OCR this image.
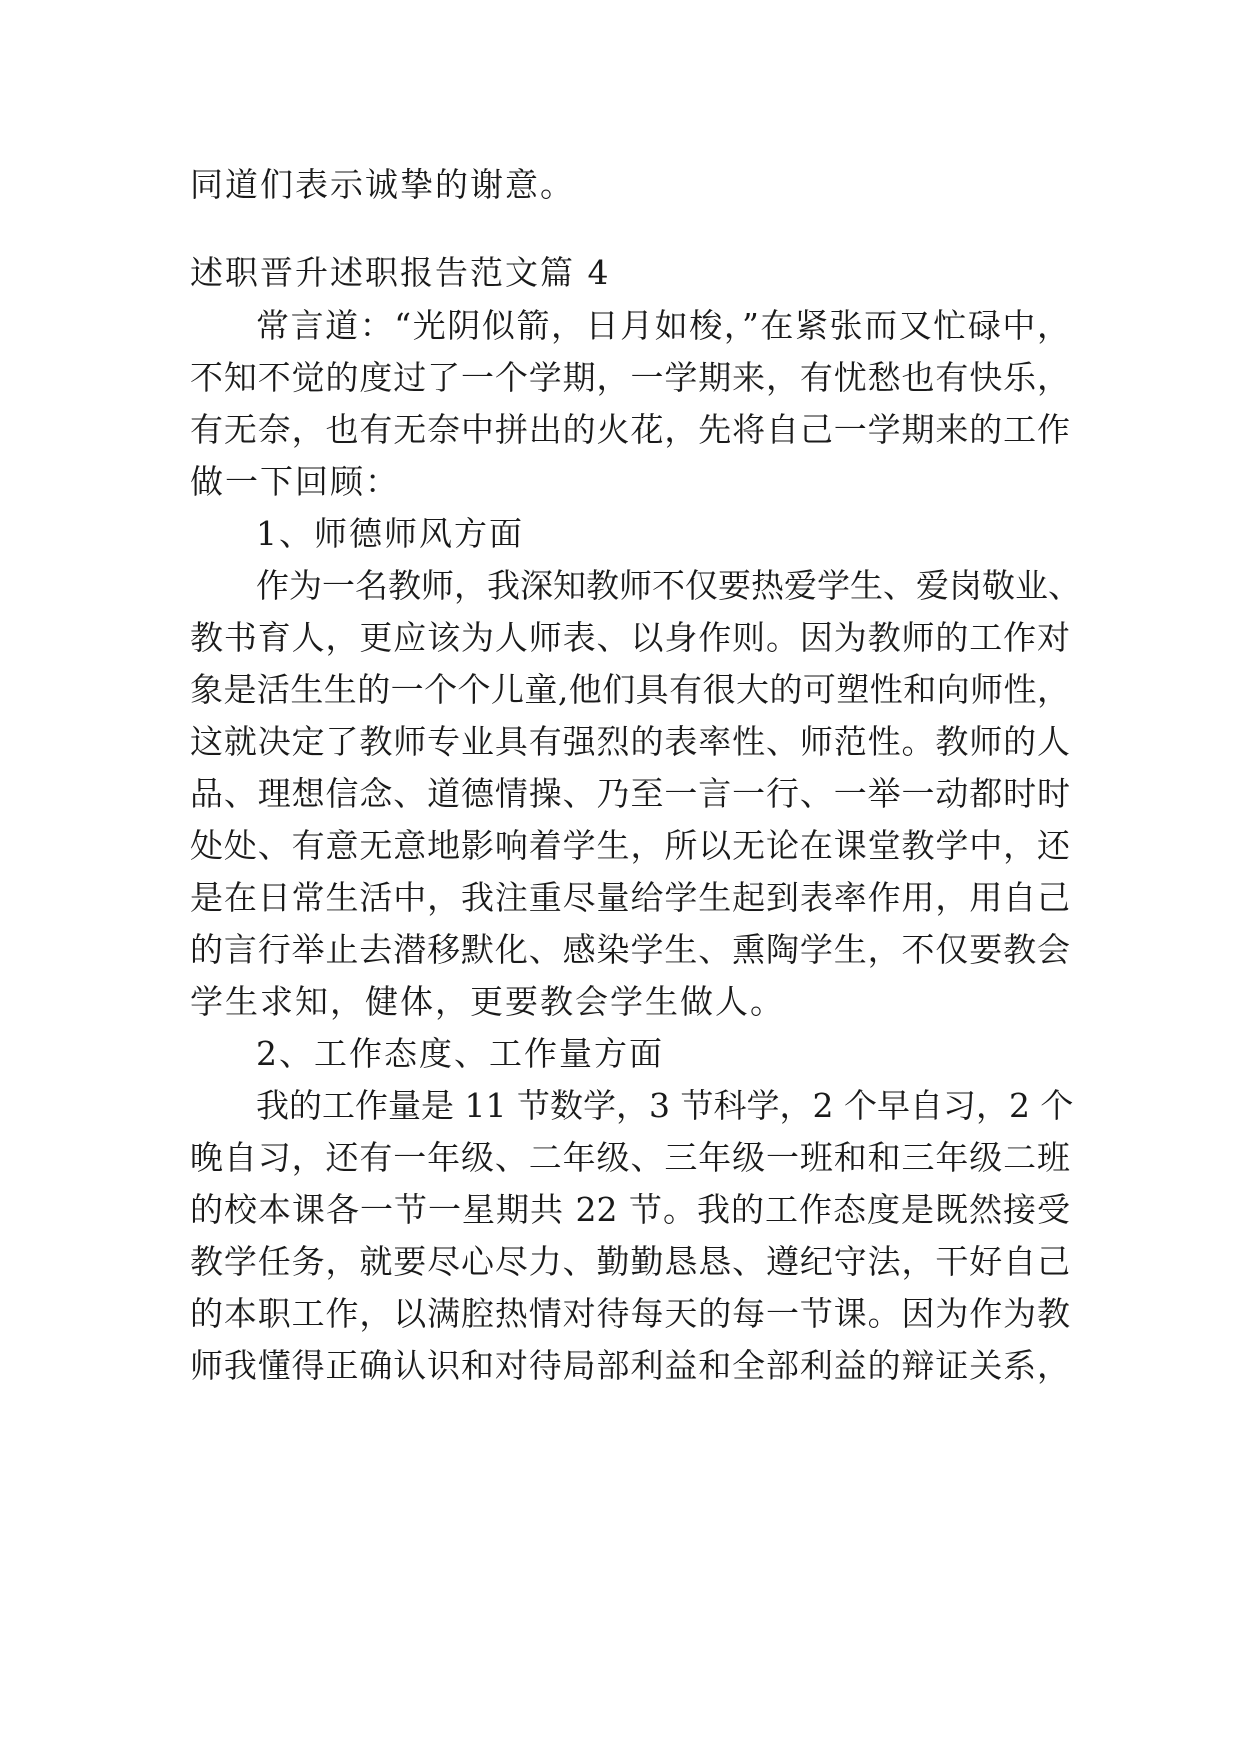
同道们表示诚挚的谢意。
述职晋升述职报告范文篇 4
常言道：“光阴似箭，日月如梭，”在紧张而又忙碌中，
不知不觉的度过了一个学期，一学期来，有忧愁也有快乐，
有无奈，也有无奈中拼出的火花，先将自己一学期来的工作
做一下回顾：
1、师德师风方面
作为一名教师，我深知教师不仅要热爱学生、爱岗敬业、
教书育人，更应该为人师表、以身作则。因为教师的工作对
象是活生生的一个个儿童,他们具有很大的可塑性和向师性，
这就决定了教师专业具有强烈的表率性、师范性。教师的人
品、理想信念、道德情操、乃至一言一行、一举一动都时时
处处、有意无意地影响着学生，所以无论在课堂教学中，还
是在日常生活中，我注重尽量给学生起到表率作用，用自己
的言行举止去潜移默化、感染学生、熏陶学生，不仅要教会
学生求知，健体，更要教会学生做人。
2、工作态度、工作量方面
我的工作量是 11 节数学，3 节科学，2 个早自习，2 个
晚自习，还有一年级、二年级、三年级一班和和三年级二班
的校本课各一节一星期共 22 节。我的工作态度是既然接受
教学任务，就要尽心尽力、勤勤恳恳、遵纪守法，干好自己
的本职工作，以满腔热情对待每天的每一节课。因为作为教
师我懂得正确认识和对待局部利益和全部利益的辩证关系，
